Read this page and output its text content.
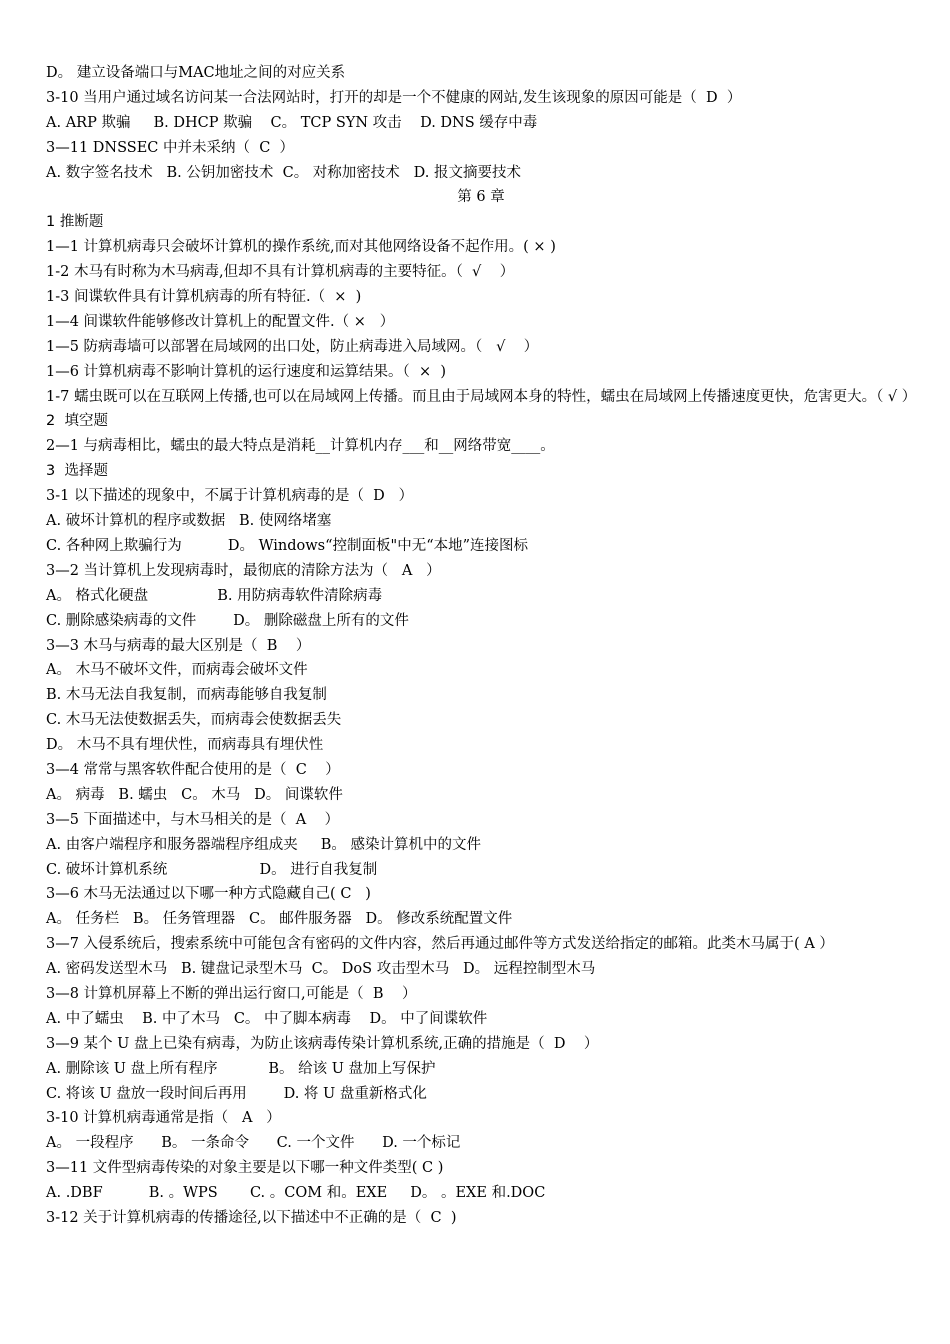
D。 建立设备端口与MAC地址之间的对应关系
3-10 当用户通过域名访问某一合法网站时，打开的却是一个不健康的网站,发生该现象的原因可能是（  D  ）
A. ARP 欺骗     B. DHCP 欺骗    C。 TCP SYN 攻击    D. DNS 缓存中毒
3—11 DNSSEC 中并未采纳（  C  ）
A. 数字签名技术   B. 公钥加密技术  C。 对称加密技术   D. 报文摘要技术
第 6 章
1 推断题
1—1 计算机病毒只会破坏计算机的操作系统,而对其他网络设备不起作用。( × )
1-2 木马有时称为木马病毒,但却不具有计算机病毒的主要特征。（  √    ）
1-3 间谍软件具有计算机病毒的所有特征.（  ×  )
1—4 间谍软件能够修改计算机上的配置文件.（ ×   ）
1—5 防病毒墙可以部署在局域网的出口处，防止病毒进入局域网。（   √    ）
1—6 计算机病毒不影响计算机的运行速度和运算结果。（  ×  )
1-7 蠕虫既可以在互联网上传播,也可以在局域网上传播。而且由于局域网本身的特性，蠕虫在局域网上传播速度更快，危害更大。（ √ ）
2  填空题
2—1 与病毒相比，蠕虫的最大特点是消耗__计算机内存___和__网络带宽____。
3  选择题
3-1 以下描述的现象中，不属于计算机病毒的是（  D   ）
A. 破坏计算机的程序或数据   B. 使网络堵塞
C. 各种网上欺骗行为          D。 Windows“控制面板"中无“本地”连接图标
3—2 当计算机上发现病毒时，最彻底的清除方法为（   A   ）
A。 格式化硬盘               B. 用防病毒软件清除病毒
C. 删除感染病毒的文件        D。 删除磁盘上所有的文件
3—3 木马与病毒的最大区别是（  B    ）
A。 木马不破坏文件，而病毒会破坏文件
B. 木马无法自我复制，而病毒能够自我复制
C. 木马无法使数据丢失，而病毒会使数据丢失
D。 木马不具有埋伏性，而病毒具有埋伏性
3—4 常常与黑客软件配合使用的是（  C    ）
A。 病毒   B. 蠕虫   C。 木马   D。 间谍软件
3—5 下面描述中，与木马相关的是（  A    ）
A. 由客户端程序和服务器端程序组成夹     B。 感染计算机中的文件
C. 破坏计算机系统                    D。 进行自我复制
3—6 木马无法通过以下哪一种方式隐藏自己( C   )
A。 任务栏   B。 任务管理器   C。 邮件服务器   D。 修改系统配置文件
3—7 入侵系统后，搜索系统中可能包含有密码的文件内容，然后再通过邮件等方式发送给指定的邮箱。此类木马属于( A ）
A. 密码发送型木马   B. 键盘记录型木马  C。 DoS 攻击型木马   D。 远程控制型木马
3—8 计算机屏幕上不断的弹出运行窗口,可能是（  B    ）
A. 中了蠕虫    B. 中了木马   C。 中了脚本病毒    D。 中了间谍软件
3—9 某个 U 盘上已染有病毒，为防止该病毒传染计算机系统,正确的措施是（  D    ）
A. 删除该 U 盘上所有程序           B。 给该 U 盘加上写保护
C. 将该 U 盘放一段时间后再用        D. 将 U 盘重新格式化
3-10 计算机病毒通常是指（   A   ）
A。 一段程序      B。 一条命令      C. 一个文件      D. 一个标记
3—11 文件型病毒传染的对象主要是以下哪一种文件类型( C )
A. .DBF          B. 。WPS       C. 。COM 和。EXE     D。 。EXE 和.DOC
3-12 关于计算机病毒的传播途径,以下描述中不正确的是（  C  )
